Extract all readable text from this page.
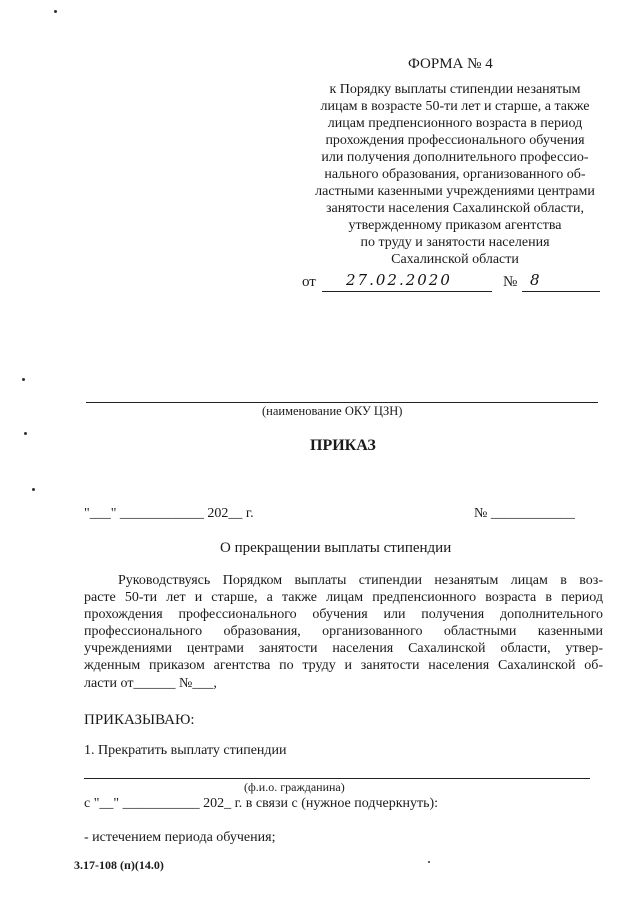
ФОРМА № 4
к Порядку выплаты стипендии незанятым
лицам в возрасте 50-ти лет и старше, а также
лицам предпенсионного возраста в период
прохождения профессионального обучения
или получения дополнительного профессио-
нального образования, организованного об-
ластными казенными учреждениями центрами
занятости населения Сахалинской области,
утвержденному приказом агентства
по труду и занятости населения
Сахалинской области
от 27.02.2020	№ 8
(наименование ОКУ ЦЗН)
ПРИКАЗ
"___" ____________ 202__ г.	№ ____________
О прекращении выплаты стипендии
Руководствуясь Порядком выплаты стипендии незанятым лицам в воз-
расте 50-ти лет и старше, а также лицам предпенсионного возраста в период
прохождения профессионального обучения или получения дополнительного
профессионального образования, организованного областными казенными
учреждениями центрами занятости населения Сахалинской области, утвер-
жденным приказом агентства по труду и занятости населения Сахалинской об-
ласти от______ №___,
ПРИКАЗЫВАЮ:
1. Прекратить выплату стипендии
(ф.и.о. гражданина)
с "__" ___________ 202_ г. в связи с (нужное подчеркнуть):
- истечением периода обучения;
3.17-108 (п)(14.0)
